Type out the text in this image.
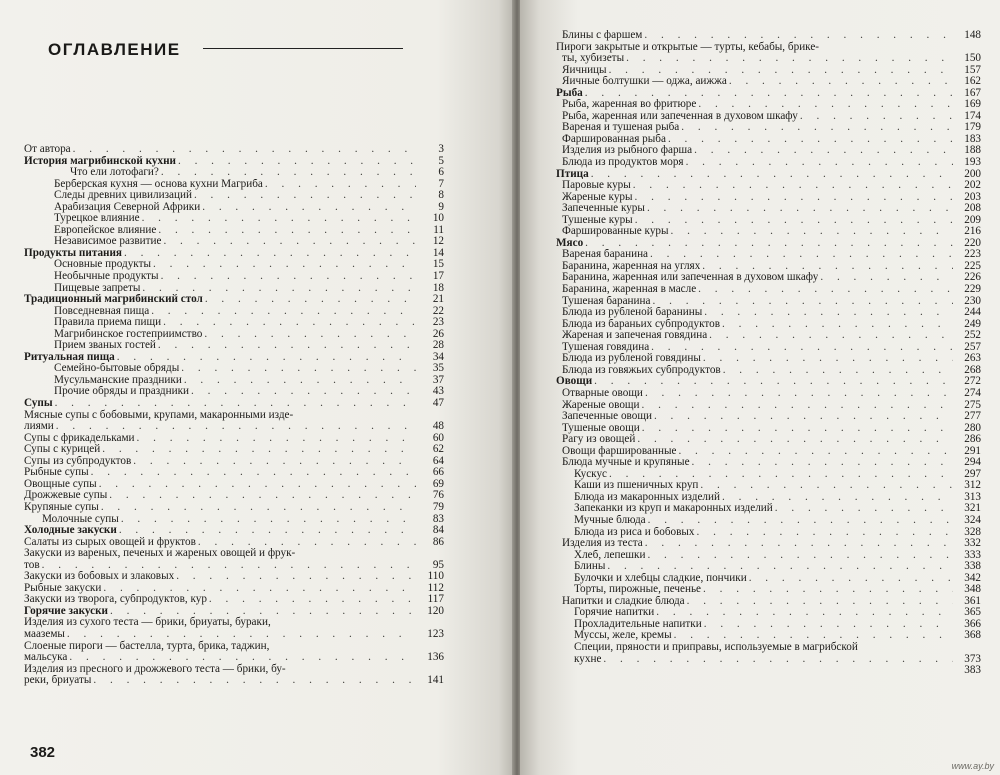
ОГЛАВЛЕНИЕ
От автора . . .	3
История магрибинской кухни . . .	5
Что ели лотофаги? . . .	6
Берберская кухня — основа кухни Магриба . . .	7
Следы древних цивилизаций . . .	8
Арабизация Северной Африки . . .	9
Турецкое влияние . . .	10
Европейское влияние . . .	11
Независимое развитие . . .	12
Продукты питания . . .	14
Основные продукты . . .	15
Необычные продукты . . .	17
Пищевые запреты . . .	18
Традиционный магрибинский стол . . .	21
Повседневная пища . . .	22
Правила приема пищи . . .	23
Магрибинское гостеприимство . . .	26
Прием званых гостей . . .	28
Ритуальная пища . . .	34
Семейно-бытовые обряды . . .	35
Мусульманские праздники . . .	37
Прочие обряды и праздники . . .	43
Супы . . .	47
Мясные супы с бобовыми, крупами, макаронными изде-
лиями . . .	48
Супы с фрикадельками . . .	60
Супы с курицей . . .	62
Супы из субпродуктов . . .	64
Рыбные супы . . .	66
Овощные супы . . .	69
Дрожжевые супы . . .	76
Крупяные супы . . .	79
Молочные супы . . .	83
Холодные закуски . . .	84
Салаты из сырых овощей и фруктов . . .	86
Закуски из вареных, печеных и жареных овощей и фрук-
тов . . .	95
Закуски из бобовых и злаковых . . .	110
Рыбные закуски . . .	112
Закуски из творога, субпродуктов, кур . . .	117
Горячие закуски . . .	120
Изделия из сухого теста — брики, бриуаты, бураки,
мааземы . . .	123
Слоеные пироги — бастелла, турта, брика, таджин,
мальсука . . .	136
Изделия из пресного и дрожжевого теста — брики, бу-
реки, бриуаты . . .	141
382
Блины с фаршем . . .	148
Пироги закрытые и открытые — турты, кебабы, брике-
ты, хубизеты . . .	150
Яичницы . . .	157
Яичные болтушки — оджа, аижжа . . .	162
Рыба . . .	167
Рыба, жаренная во фритюре . . .	169
Рыба, жаренная или запеченная в духовом шкафу . . .	174
Вареная и тушеная рыба . . .	179
Фаршированная рыба . . .	183
Изделия из рыбного фарша . . .	188
Блюда из продуктов моря . . .	193
Птица . . .	200
Паровые куры . . .	202
Жареные куры . . .	203
Запеченные куры . . .	208
Тушеные куры . . .	209
Фаршированные куры . . .	216
Мясо . . .	220
Вареная баранина . . .	223
Баранина, жаренная на углях . . .	225
Баранина, жаренная или запеченная в духовом шкафу . . .	226
Баранина, жаренная в масле . . .	229
Тушеная баранина . . .	230
Блюда из рубленой баранины . . .	244
Блюда из бараньих субпродуктов . . .	249
Жареная и запеченая говядина . . .	252
Тушеная говядина . . .	257
Блюда из рубленой говядины . . .	263
Блюда из говяжьих субпродуктов . . .	268
Овощи . . .	272
Отварные овощи . . .	274
Жареные овощи . . .	275
Запеченные овощи . . .	277
Тушеные овощи . . .	280
Рагу из овощей . . .	286
Овощи фаршированные . . .	291
Блюда мучные и крупяные . . .	294
Кускус . . .	297
Каши из пшеничных круп . . .	312
Блюда из макаронных изделий . . .	313
Запеканки из круп и макаронных изделий . . .	321
Мучные блюда . . .	324
Блюда из риса и бобовых . . .	328
Изделия из теста . . .	332
Хлеб, лепешки . . .	333
Блины . . .	338
Булочки и хлебцы сладкие, пончики . . .	342
Торты, пирожные, печенье . . .	348
Напитки и сладкие блюда . . .	361
Горячие напитки . . .	365
Прохладительные напитки . . .	366
Муссы, желе, кремы . . .	368
Специи, пряности и приправы, используемые в магрибской
кухне . . .	373
383
www.ay.by
